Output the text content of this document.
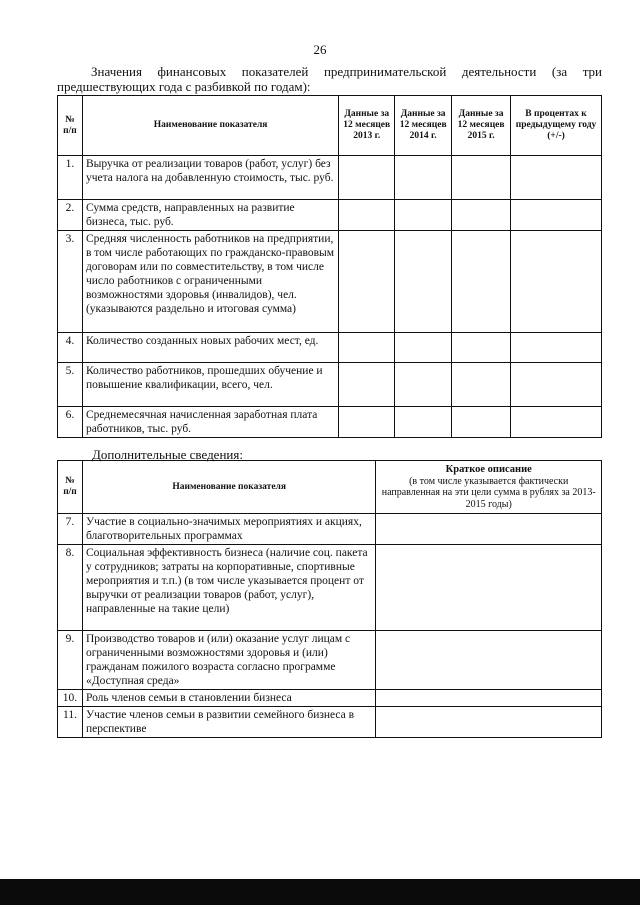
26
Значения финансовых показателей предпринимательской деятельности (за три предшествующих года с разбивкой по годам):
№ п/п	Наименование показателя	Данные за 12 месяцев 2013 г.	Данные за 12 месяцев 2014 г.	Данные за 12 месяцев 2015 г.	В процентах к предыдущему году (+/-)
1.	Выручка от реализации товаров (работ, услуг) без учета налога на добавленную стоимость, тыс. руб.				
2.	Сумма средств, направленных на развитие бизнеса, тыс. руб.				
3.	Средняя численность работников на предприятии, в том числе работающих по гражданско-правовым договорам или по совместительству, в том числе число работников с ограниченными возможностями здоровья (инвалидов), чел. (указываются раздельно и итоговая сумма)				
4.	Количество созданных новых рабочих мест, ед.				
5.	Количество работников, прошедших обучение и повышение квалификации, всего, чел.				
6.	Среднемесячная начисленная заработная плата работников, тыс. руб.				
Дополнительные сведения:
№ п/п	Наименование показателя	Краткое описание
(в том числе указывается фактически направленная на эти цели сумма в рублях за 2013-2015 годы)

7.	Участие в социально-значимых мероприятиях и акциях, благотворительных программах	
8.	Социальная эффективность бизнеса (наличие соц. пакета у сотрудников; затраты на корпоративные, спортивные мероприятия и т.п.) (в том числе указывается процент от выручки от реализации товаров (работ, услуг), направленные на такие цели)	
9.	Производство товаров и (или) оказание услуг лицам с ограниченными возможностями здоровья и (или) гражданам пожилого возраста согласно программе «Доступная среда»	
10.	Роль членов семьи в становлении бизнеса	
11.	Участие членов семьи в развитии семейного бизнеса в перспективе	
